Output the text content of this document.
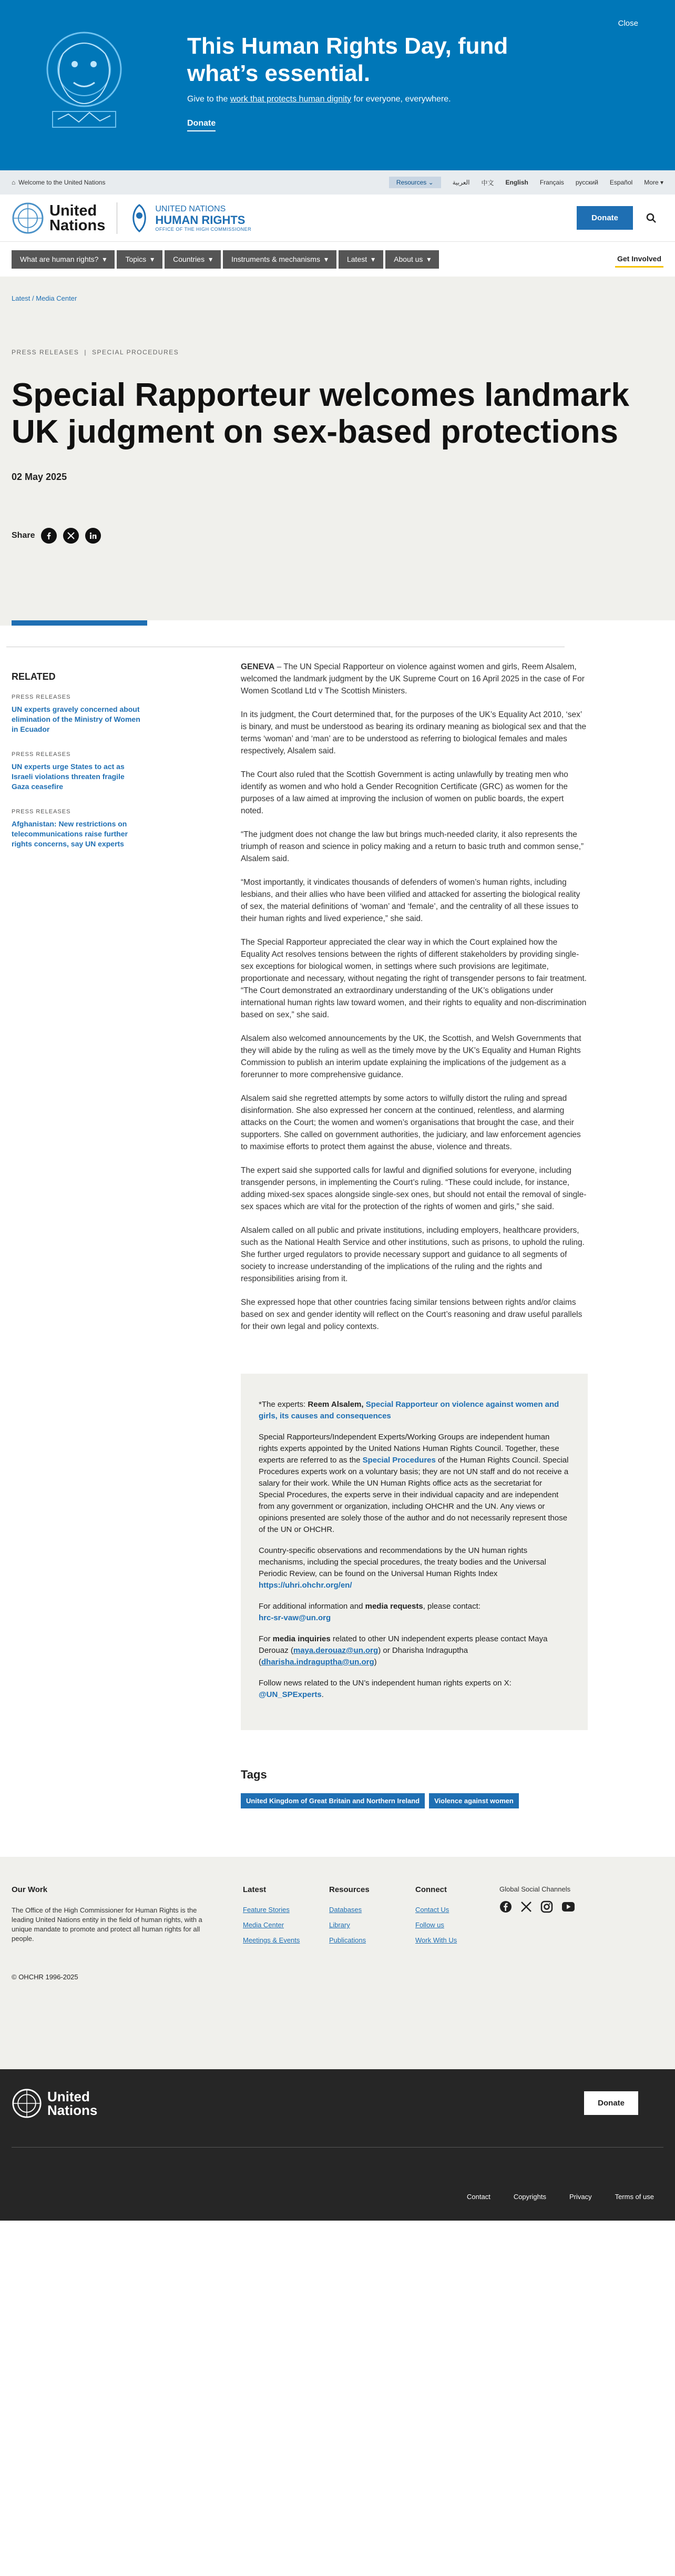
This Human Rights Day, fund what’s essential.
Give to the work that protects human dignity for everyone, everywhere.
Donate
Close
⌂ Welcome to the United Nations	Resources ⌄	العربية 中文 English Français русский Español More ▾
United
Nations
UNITED NATIONS
HUMAN RIGHTS
OFFICE OF THE HIGH COMMISSIONER
Donate
What are human rights? ▾	Topics ▾	Countries ▾	Instruments & mechanisms ▾	Latest ▾	About us ▾	Get Involved
Latest / Media Center
PRESS RELEASES | SPECIAL PROCEDURES
Special Rapporteur welcomes landmark UK judgment on sex-based protections
02 May 2025
Share
RELATED
PRESS RELEASES
UN experts gravely concerned about elimination of the Ministry of Women in Ecuador
PRESS RELEASES
UN experts urge States to act as Israeli violations threaten fragile Gaza ceasefire
PRESS RELEASES
Afghanistan: New restrictions on telecommunications raise further rights concerns, say UN experts

GENEVA – The UN Special Rapporteur on violence against women and girls, Reem Alsalem, welcomed the landmark judgment by the UK Supreme Court on 16 April 2025 in the case of For Women Scotland Ltd v The Scottish Ministers.

In its judgment, the Court determined that, for the purposes of the UK’s Equality Act 2010, ‘sex’ is binary, and must be understood as bearing its ordinary meaning as biological sex and that the terms ‘woman’ and ‘man’ are to be understood as referring to biological females and males respectively, Alsalem said.

The Court also ruled that the Scottish Government is acting unlawfully by treating men who identify as women and who hold a Gender Recognition Certificate (GRC) as women for the purposes of a law aimed at improving the inclusion of women on public boards, the expert noted.

“The judgment does not change the law but brings much-needed clarity, it also represents the triumph of reason and science in policy making and a return to basic truth and common sense,” Alsalem said.

“Most importantly, it vindicates thousands of defenders of women’s human rights, including lesbians, and their allies who have been vilified and attacked for asserting the biological reality of sex, the material definitions of ‘woman’ and ‘female’, and the centrality of all these issues to their human rights and lived experience,” she said.

The Special Rapporteur appreciated the clear way in which the Court explained how the Equality Act resolves tensions between the rights of different stakeholders by providing single-sex exceptions for biological women, in settings where such provisions are legitimate, proportionate and necessary, without negating the right of transgender persons to fair treatment. “The Court demonstrated an extraordinary understanding of the UK’s obligations under international human rights law toward women, and their rights to equality and non-discrimination based on sex,” she said.

Alsalem also welcomed announcements by the UK, the Scottish, and Welsh Governments that they will abide by the ruling as well as the timely move by the UK’s Equality and Human Rights Commission to publish an interim update explaining the implications of the judgement as a forerunner to more comprehensive guidance.

Alsalem said she regretted attempts by some actors to wilfully distort the ruling and spread disinformation. She also expressed her concern at the continued, relentless, and alarming attacks on the Court; the women and women’s organisations that brought the case, and their supporters. She called on government authorities, the judiciary, and law enforcement agencies to maximise efforts to protect them against the abuse, violence and threats.

The expert said she supported calls for lawful and dignified solutions for everyone, including transgender persons, in implementing the Court’s ruling. “These could include, for instance, adding mixed-sex spaces alongside single-sex ones, but should not entail the removal of single-sex spaces which are vital for the protection of the rights of women and girls,” she said.

Alsalem called on all public and private institutions, including employers, healthcare providers, such as the National Health Service and other institutions, such as prisons, to uphold the ruling. She further urged regulators to provide necessary support and guidance to all segments of society to increase understanding of the implications of the ruling and the rights and responsibilities arising from it.

She expressed hope that other countries facing similar tensions between rights and/or claims based on sex and gender identity will reflect on the Court’s reasoning and draw useful parallels for their own legal and policy contexts.

*The experts: Reem Alsalem, Special Rapporteur on violence against women and girls, its causes and consequences

Special Rapporteurs/Independent Experts/Working Groups are independent human rights experts appointed by the United Nations Human Rights Council. Together, these experts are referred to as the Special Procedures of the Human Rights Council. Special Procedures experts work on a voluntary basis; they are not UN staff and do not receive a salary for their work. While the UN Human Rights office acts as the secretariat for Special Procedures, the experts serve in their individual capacity and are independent from any government or organization, including OHCHR and the UN. Any views or opinions presented are solely those of the author and do not necessarily represent those of the UN or OHCHR.

Country-specific observations and recommendations by the UN human rights mechanisms, including the special procedures, the treaty bodies and the Universal Periodic Review, can be found on the Universal Human Rights Index https://uhri.ohchr.org/en/

For additional information and media requests, please contact:
hrc-sr-vaw@un.org

For media inquiries related to other UN independent experts please contact Maya Derouaz (maya.derouaz@un.org) or Dharisha Indraguptha (dharisha.indraguptha@un.org)

Follow news related to the UN’s independent human rights experts on X: @UN_SPExperts.

Tags
United Kingdom of Great Britain and Northern Ireland	Violence against women
Our Work
The Office of the High Commissioner for Human Rights is the leading United Nations entity in the field of human rights, with a unique mandate to promote and protect all human rights for all people.
Latest
Feature Stories
Media Center
Meetings & Events
Resources
Databases
Library
Publications
Connect
Contact Us
Follow us
Work With Us
Global Social Channels
© OHCHR 1996-2025
United
Nations	Donate
Contact	Copyrights	Privacy	Terms of use
